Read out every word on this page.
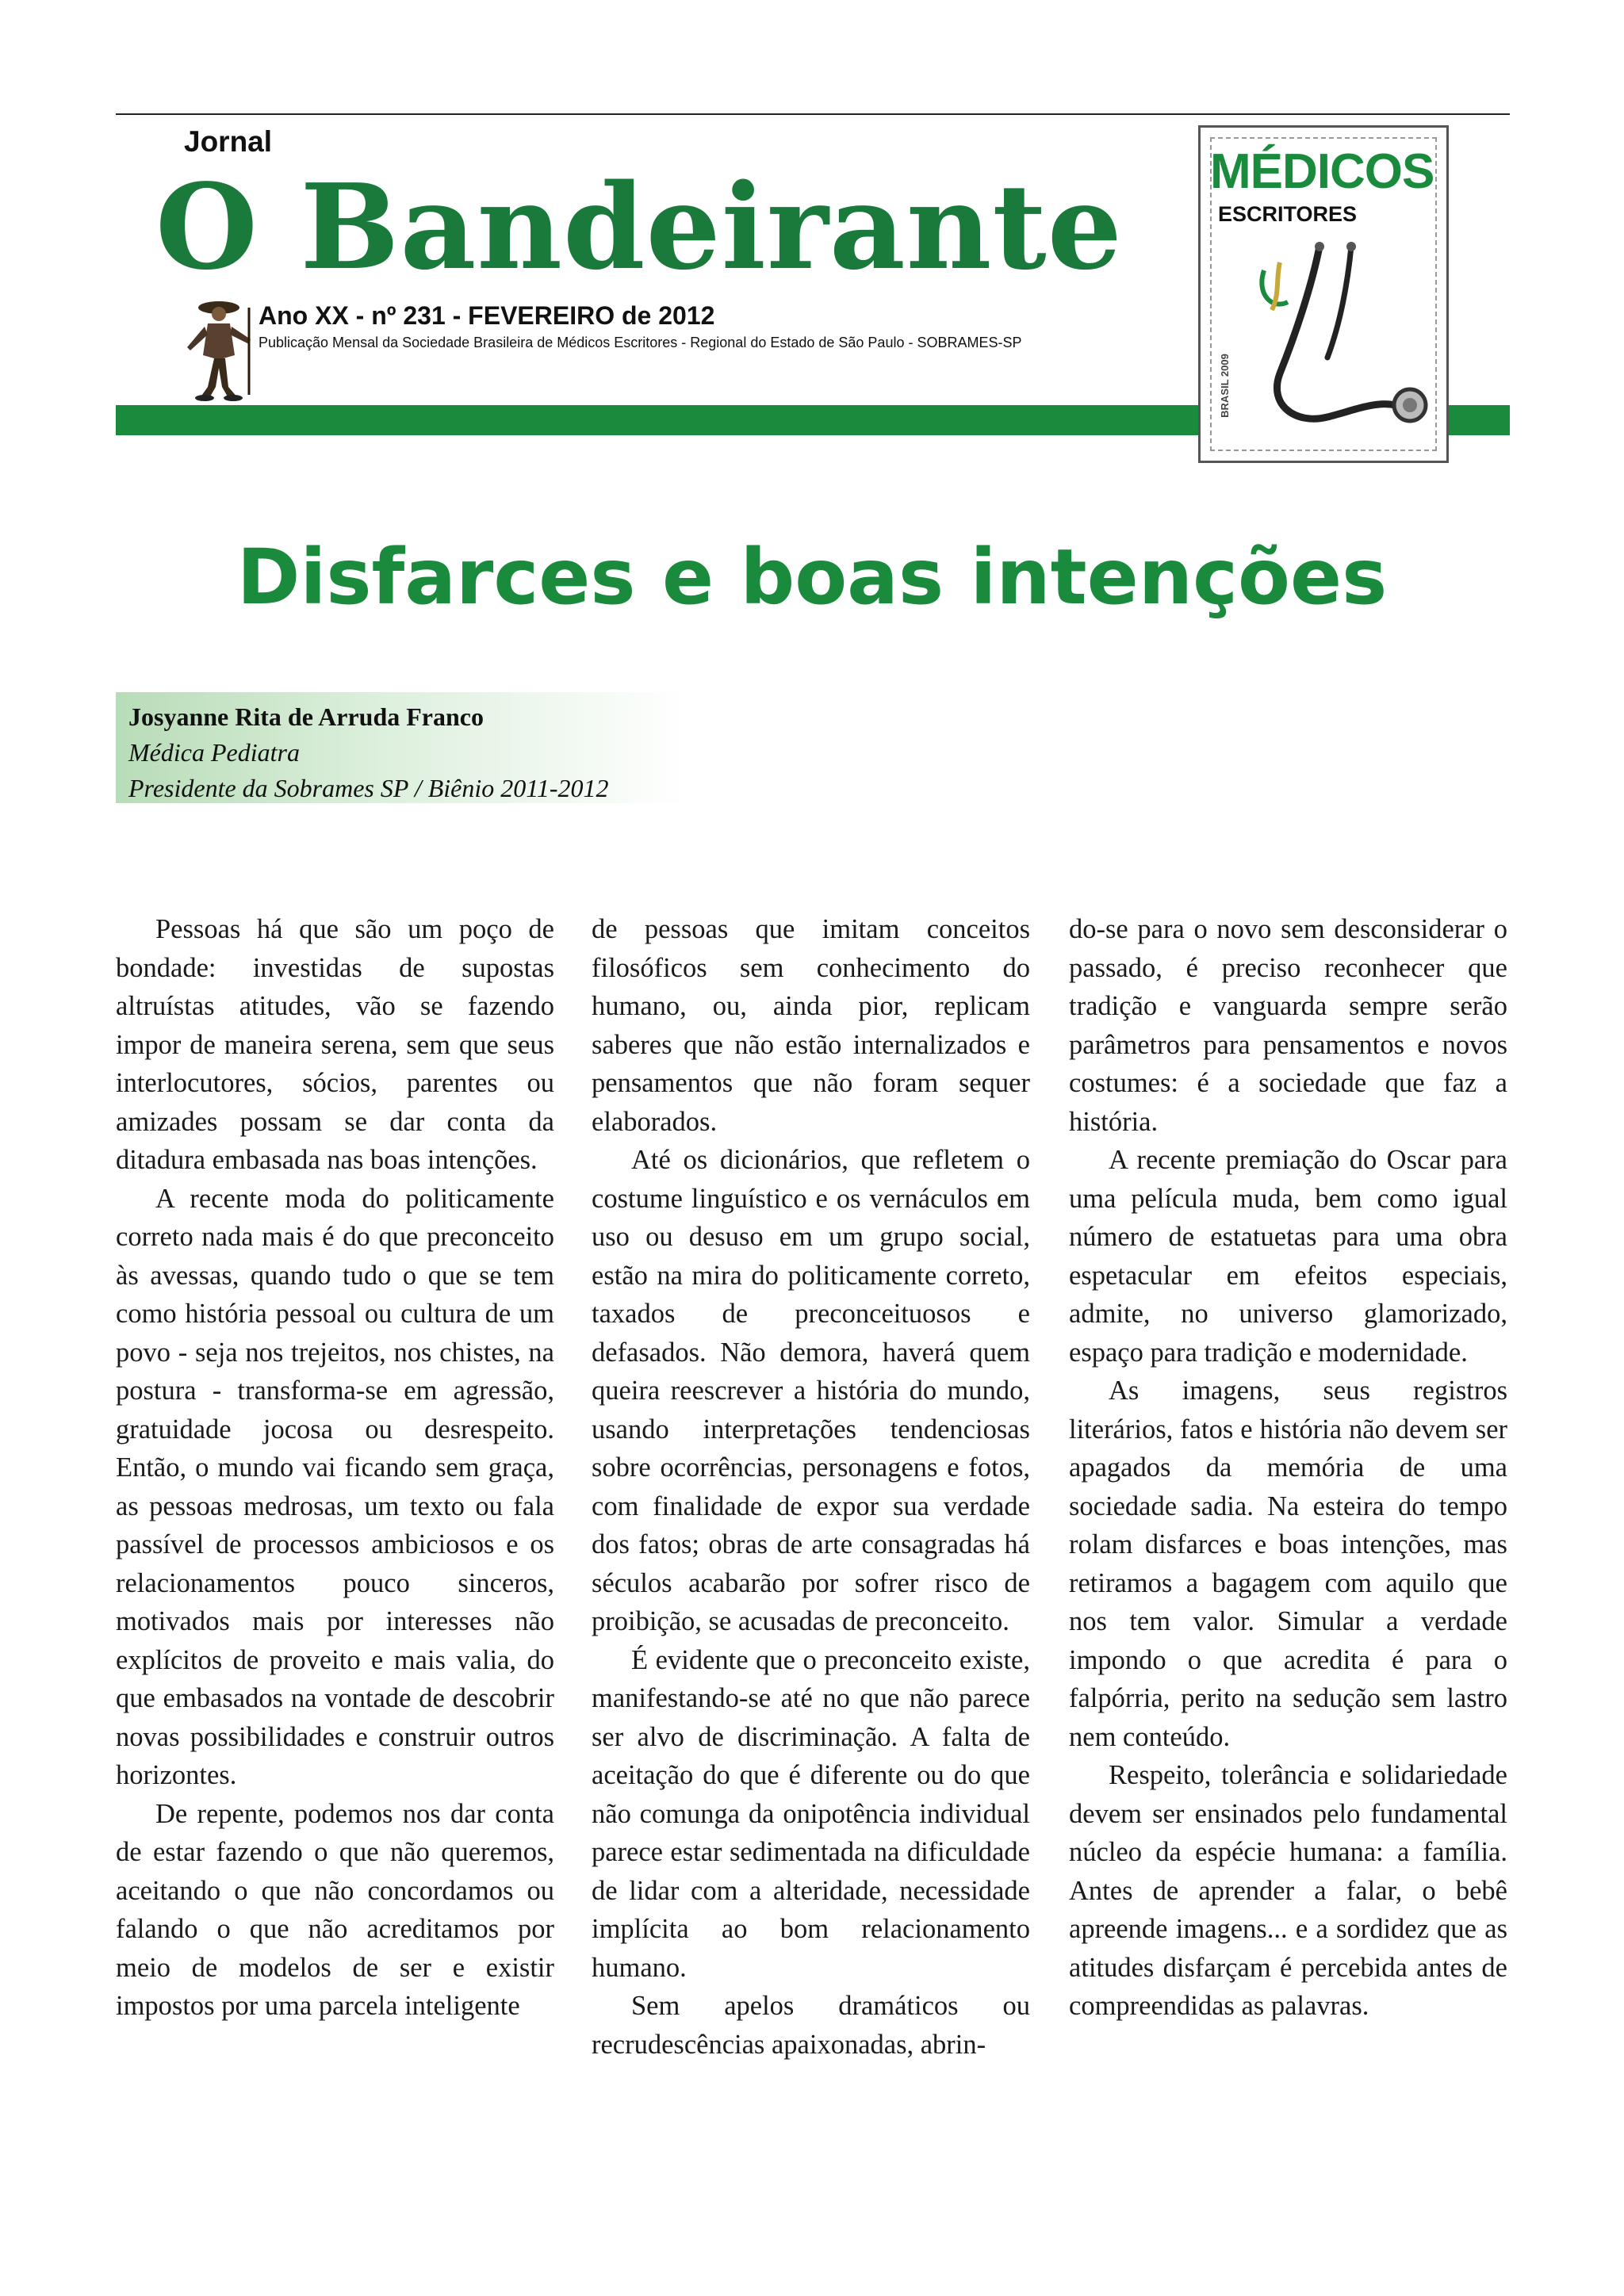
Jornal
O Bandeirante
Ano XX - nº 231 - FEVEREIRO de 2012
Publicação Mensal da Sociedade Brasileira de Médicos Escritores - Regional do Estado de São Paulo - SOBRAMES-SP
MÉDICOS
ESCRITORES
BRASIL 2009
Disfarces e boas intenções
Josyanne Rita de Arruda Franco
Médica Pediatra
Presidente da Sobrames SP / Biênio 2011-2012

Pessoas há que são um poço de bondade: investidas de supostas altruístas atitudes, vão se fazendo impor de maneira serena, sem que seus interlocutores, sócios, parentes ou amizades possam se dar conta da ditadura embasada nas boas intenções.

A recente moda do politicamente correto nada mais é do que preconceito às avessas, quando tudo o que se tem como história pessoal ou cultura de um povo - seja nos trejeitos, nos chistes, na postura - transforma-se em agressão, gratuidade jocosa ou desrespeito. Então, o mundo vai ficando sem graça, as pessoas medrosas, um texto ou fala passível de processos ambiciosos e os relacionamentos pouco sinceros, motivados mais por interesses não explícitos de proveito e mais valia, do que embasados na vontade de descobrir novas possibilidades e construir outros horizontes.

De repente, podemos nos dar conta de estar fazendo o que não queremos, aceitando o que não concordamos ou falando o que não acreditamos por meio de modelos de ser e existir impostos por uma parcela inteligente

de pessoas que imitam conceitos filosóficos sem conhecimento do humano, ou, ainda pior, replicam saberes que não estão internalizados e pensamentos que não foram sequer elaborados.

Até os dicionários, que refletem o costume linguístico e os vernáculos em uso ou desuso em um grupo social, estão na mira do politicamente correto, taxados de preconceituosos e defasados. Não demora, haverá quem queira reescrever a história do mundo, usando interpretações tendenciosas sobre ocorrências, personagens e fotos, com finalidade de expor sua verdade dos fatos; obras de arte consagradas há séculos acabarão por sofrer risco de proibição, se acusadas de preconceito.

É evidente que o preconceito existe, manifestando-se até no que não parece ser alvo de discriminação. A falta de aceitação do que é diferente ou do que não comunga da onipotência individual parece estar sedimentada na dificuldade de lidar com a alteridade, necessidade implícita ao bom relacionamento humano.

Sem apelos dramáticos ou recrudescências apaixonadas, abrin-

do-se para o novo sem desconsiderar o passado, é preciso reconhecer que tradição e vanguarda sempre serão parâmetros para pensamentos e novos costumes: é a sociedade que faz a história.

A recente premiação do Oscar para uma película muda, bem como igual número de estatuetas para uma obra espetacular em efeitos especiais, admite, no universo glamorizado, espaço para tradição e modernidade.

As imagens, seus registros literários, fatos e história não devem ser apagados da memória de uma sociedade sadia. Na esteira do tempo rolam disfarces e boas intenções, mas retiramos a bagagem com aquilo que nos tem valor. Simular a verdade impondo o que acredita é para o falpórria, perito na sedução sem lastro nem conteúdo.

Respeito, tolerância e solidariedade devem ser ensinados pelo fundamental núcleo da espécie humana: a família. Antes de aprender a falar, o bebê apreende imagens... e a sordidez que as atitudes disfarçam é percebida antes de compreendidas as palavras.
